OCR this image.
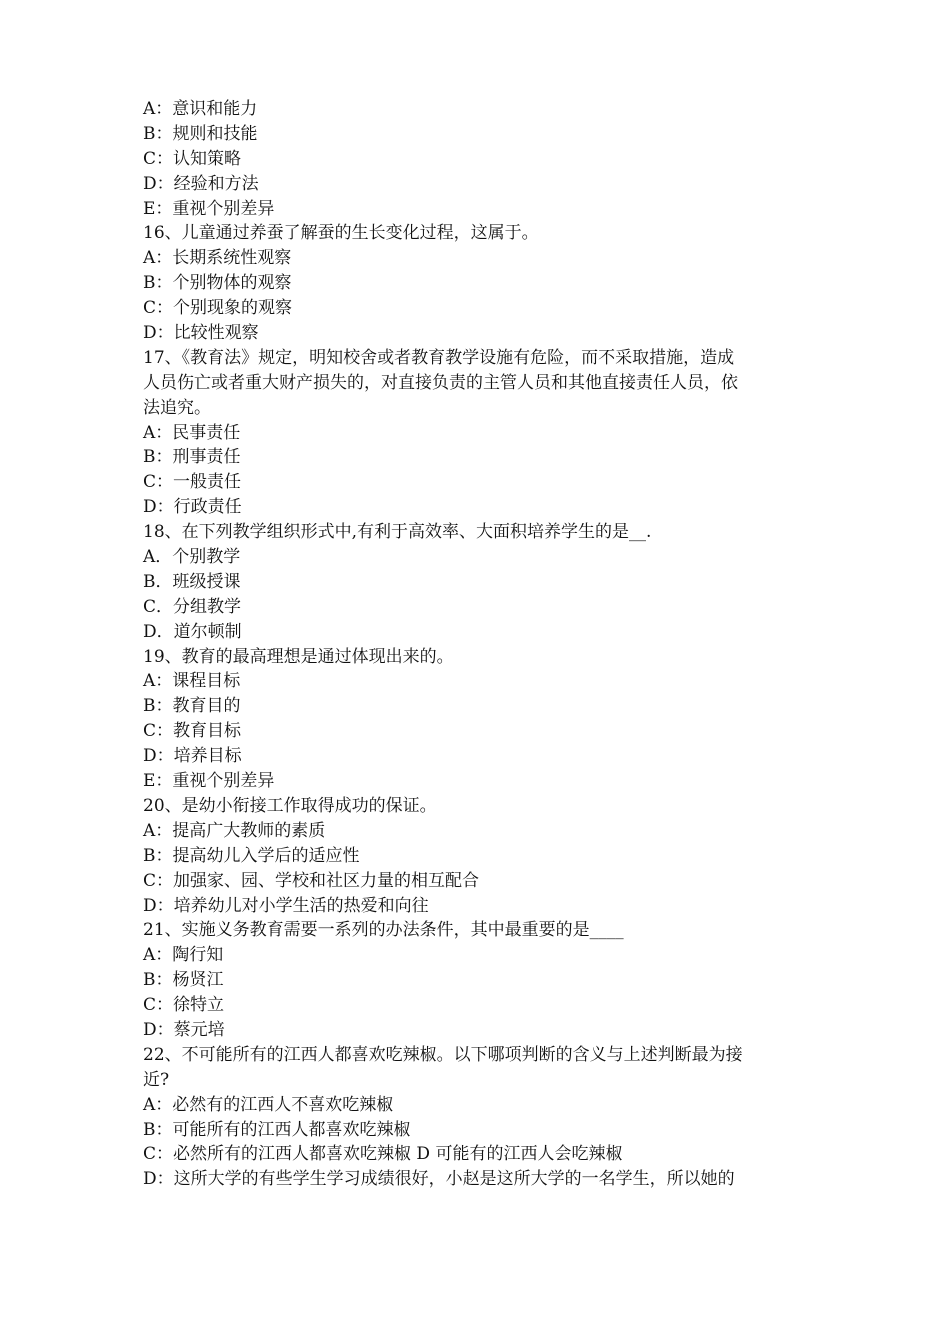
A：意识和能力
B：规则和技能
C：认知策略
D：经验和方法
E：重视个别差异
16、儿童通过养蚕了解蚕的生长变化过程，这属于。
A：长期系统性观察
B：个别物体的观察
C：个别现象的观察
D：比较性观察
17、《教育法》规定，明知校舍或者教育教学设施有危险，而不采取措施，造成
人员伤亡或者重大财产损失的，对直接负责的主管人员和其他直接责任人员，依
法追究。
A：民事责任
B：刑事责任
C：一般责任
D：行政责任
18、在下列教学组织形式中,有利于高效率、大面积培养学生的是__.
A．个别教学
B．班级授课
C．分组教学
D．道尔顿制
19、教育的最高理想是通过体现出来的。
A：课程目标
B：教育目的
C：教育目标
D：培养目标
E：重视个别差异
20、是幼小衔接工作取得成功的保证。
A：提高广大教师的素质
B：提高幼儿入学后的适应性
C：加强家、园、学校和社区力量的相互配合
D：培养幼儿对小学生活的热爱和向往
21、实施义务教育需要一系列的办法条件，其中最重要的是____
A：陶行知
B：杨贤江
C：徐特立
D：蔡元培
22、不可能所有的江西人都喜欢吃辣椒。以下哪项判断的含义与上述判断最为接
近?
A：必然有的江西人不喜欢吃辣椒
B：可能所有的江西人都喜欢吃辣椒
C：必然所有的江西人都喜欢吃辣椒 D 可能有的江西人会吃辣椒
D：这所大学的有些学生学习成绩很好，小赵是这所大学的一名学生，所以她的
